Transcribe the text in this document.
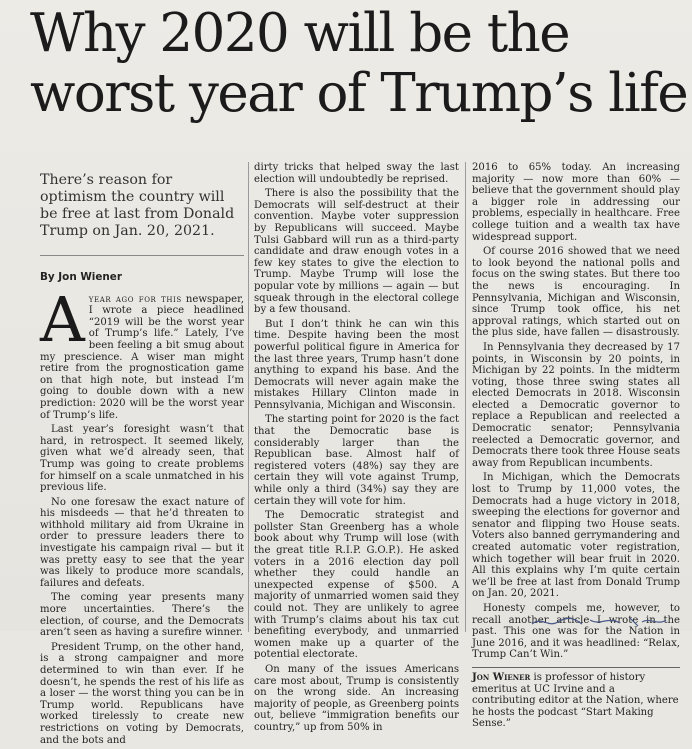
Why 2020 will be the
worst year of Trump’s life
There’s reason for optimism the country will be free at last from Donald Trump on Jan. 20, 2021.
By Jon Wiener

Ayear ago for this newspaper, I wrote a piece headlined “2019 will be the worst year of Trump’s life.” Lately, I’ve been feeling a bit smug about my prescience. A wiser man might retire from the prognostication game on that high note, but instead I’m going to double down with a new prediction: 2020 will be the worst year of Trump’s life.

Last year’s foresight wasn’t that hard, in retrospect. It seemed likely, given what we’d already seen, that Trump was going to create problems for himself on a scale unmatched in his previous life.

No one foresaw the exact nature of his misdeeds — that he’d threaten to withhold military aid from Ukraine in order to pressure leaders there to investigate his campaign rival — but it was pretty easy to see that the year was likely to produce more scandals, failures and defeats.

The coming year presents many more uncertainties. There’s the election, of course, and the Democrats aren’t seen as having a surefire winner.

President Trump, on the other hand, is a strong campaigner and more determined to win than ever. If he doesn’t, he spends the rest of his life as a loser — the worst thing you can be in Trump world. Republicans have worked tirelessly to create new restrictions on voting by Democrats, and the bots and

dirty tricks that helped sway the last election will undoubtedly be reprised.

There is also the possibility that the Democrats will self-destruct at their convention. Maybe voter suppression by Republicans will succeed. Maybe Tulsi Gabbard will run as a third-party candidate and draw enough votes in a few key states to give the election to Trump. Maybe Trump will lose the popular vote by millions — again — but squeak through in the electoral college by a few thousand.

But I don’t think he can win this time. Despite having been the most powerful political figure in America for the last three years, Trump hasn’t done anything to expand his base. And the Democrats will never again make the mistakes Hillary Clinton made in Pennsylvania, Michigan and Wisconsin.

The starting point for 2020 is the fact that the Democratic base is considerably larger than the Republican base. Almost half of registered voters (48%) say they are certain they will vote against Trump, while only a third (34%) say they are certain they will vote for him.

The Democratic strategist and pollster Stan Greenberg has a whole book about why Trump will lose (with the great title R.I.P. G.O.P.). He asked voters in a 2016 election day poll whether they could handle an unexpected expense of $500. A majority of unmarried women said they could not. They are unlikely to agree with Trump’s claims about his tax cut benefiting everybody, and unmarried women make up a quarter of the potential electorate.

On many of the issues Americans care most about, Trump is consistently on the wrong side. An increasing majority of people, as Greenberg points out, believe “immigration benefits our country,” up from 50% in

2016 to 65% today. An increasing majority — now more than 60% — believe that the government should play a bigger role in addressing our problems, especially in healthcare. Free college tuition and a wealth tax have widespread support.

Of course 2016 showed that we need to look beyond the national polls and focus on the swing states. But there too the news is encouraging. In Pennsylvania, Michigan and Wisconsin, since Trump took office, his net approval ratings, which started out on the plus side, have fallen — disastrously.

In Pennsylvania they decreased by 17 points, in Wisconsin by 20 points, in Michigan by 22 points. In the midterm voting, those three swing states all elected Democrats in 2018. Wisconsin elected a Democratic governor to replace a Republican and reelected a Democratic senator; Pennsylvania reelected a Democratic governor, and Democrats there took three House seats away from Republican incumbents.

In Michigan, which the Democrats lost to Trump by 11,000 votes, the Democrats had a huge victory in 2018, sweeping the elections for governor and senator and flipping two House seats. Voters also banned gerrymandering and created automatic voter registration, which together will bear fruit in 2020. All this explains why I’m quite certain we’ll be free at last from Donald Trump on Jan. 20, 2021.

Honesty compels me, however, to recall another article I wrote in the past. This one was for the Nation in June 2016, and it was headlined: “Relax, Trump Can’t Win.”

Jon Wiener is professor of history emeritus at UC Irvine and a contributing editor at the Nation, where he hosts the podcast “Start Making Sense.”
